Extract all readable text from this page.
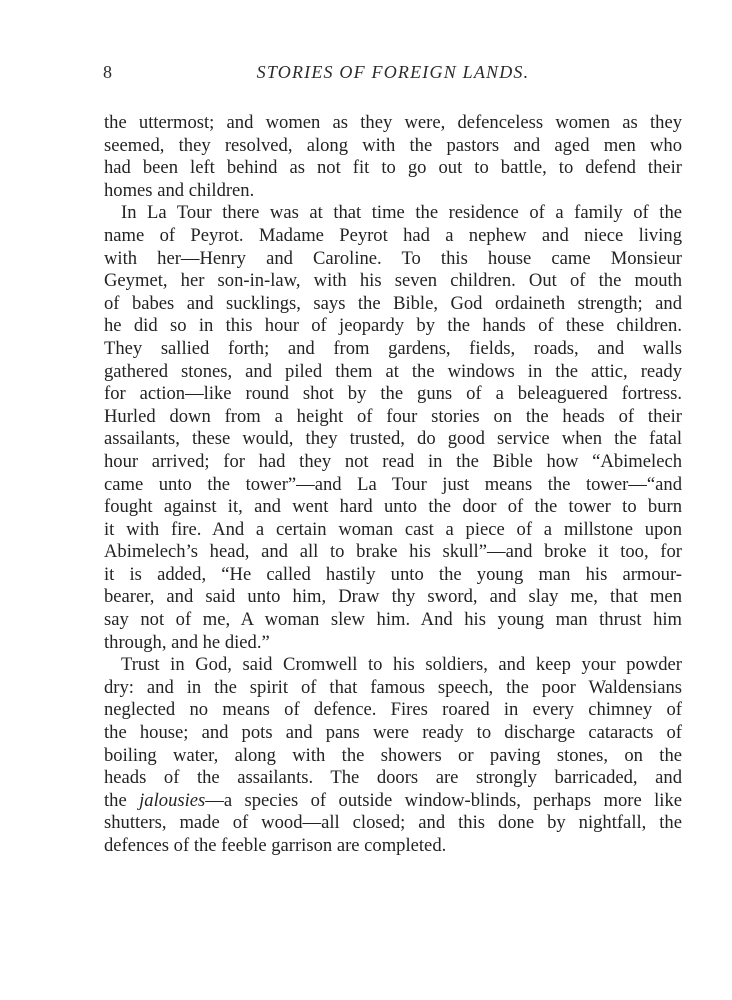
8	STORIES OF FOREIGN LANDS.
the uttermost; and women as they were, defenceless women as they
seemed, they resolved, along with the pastors and aged men who
had been left behind as not fit to go out to battle, to defend their
homes and children.
In La Tour there was at that time the residence of a family of the
name of Peyrot. Madame Peyrot had a nephew and niece living
with her—Henry and Caroline. To this house came Monsieur
Geymet, her son-in-law, with his seven children. Out of the mouth
of babes and sucklings, says the Bible, God ordaineth strength; and
he did so in this hour of jeopardy by the hands of these children.
They sallied forth; and from gardens, fields, roads, and walls
gathered stones, and piled them at the windows in the attic, ready
for action—like round shot by the guns of a beleaguered fortress.
Hurled down from a height of four stories on the heads of their
assailants, these would, they trusted, do good service when the fatal
hour arrived; for had they not read in the Bible how “Abimelech
came unto the tower”—and La Tour just means the tower—“and
fought against it, and went hard unto the door of the tower to burn
it with fire. And a certain woman cast a piece of a millstone upon
Abimelech’s head, and all to brake his skull”—and broke it too, for
it is added, “He called hastily unto the young man his armour-
bearer, and said unto him, Draw thy sword, and slay me, that men
say not of me, A woman slew him. And his young man thrust him
through, and he died.”
Trust in God, said Cromwell to his soldiers, and keep your powder
dry: and in the spirit of that famous speech, the poor Waldensians
neglected no means of defence. Fires roared in every chimney of
the house; and pots and pans were ready to discharge cataracts of
boiling water, along with the showers or paving stones, on the
heads of the assailants. The doors are strongly barricaded, and
the jalousies—a species of outside window-blinds, perhaps more like
shutters, made of wood—all closed; and this done by nightfall, the
defences of the feeble garrison are completed.
